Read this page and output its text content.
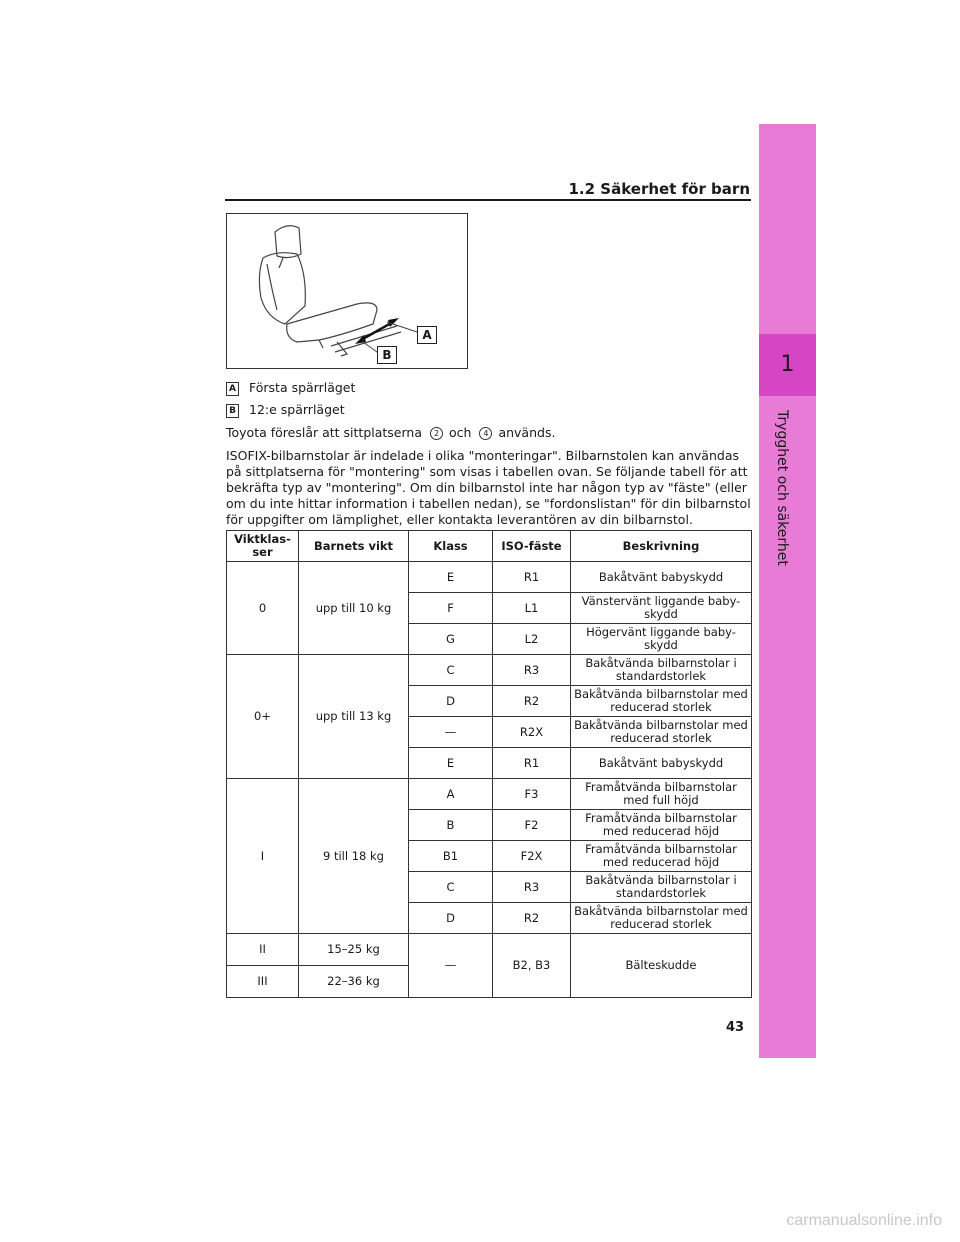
1
Trygghet och säkerhet
1.2 Säkerhet för barn
A
B
A Första spärrläget
B 12:e spärrläget
Toyota föreslår att sittplatserna 2 och 4 används.
ISOFIX-bilbarnstolar är indelade i olika "monteringar". Bilbarnstolen kan användas på sittplatserna för "montering" som visas i tabellen ovan. Se följande tabell för att bekräfta typ av "montering". Om din bilbarnstol inte har någon typ av "fäste" (eller om du inte hittar information i tabellen nedan), se "fordonslistan" för din bilbarnstol för uppgifter om lämplighet, eller kontakta leverantören av din bilbarnstol.
Viktklas-ser	Barnets vikt	Klass	ISO-fäste	Beskrivning
0	upp till 10 kg	E	R1	Bakåtvänt babyskydd
		F	L1	Vänstervänt liggande baby-skydd
		G	L2	Högervänt liggande baby-skydd
0+	upp till 13 kg	C	R3	Bakåtvända bilbarnstolar i standardstorlek
		D	R2	Bakåtvända bilbarnstolar med reducerad storlek
		—	R2X	Bakåtvända bilbarnstolar med reducerad storlek
		E	R1	Bakåtvänt babyskydd
I	9 till 18 kg	A	F3	Framåtvända bilbarnstolar med full höjd
		B	F2	Framåtvända bilbarnstolar med reducerad höjd
		B1	F2X	Framåtvända bilbarnstolar med reducerad höjd
		C	R3	Bakåtvända bilbarnstolar i standardstorlek
		D	R2	Bakåtvända bilbarnstolar med reducerad storlek
II	15–25 kg	—	B2, B3	Bälteskudde
III	22–36 kg			
43
carmanualsonline.info
